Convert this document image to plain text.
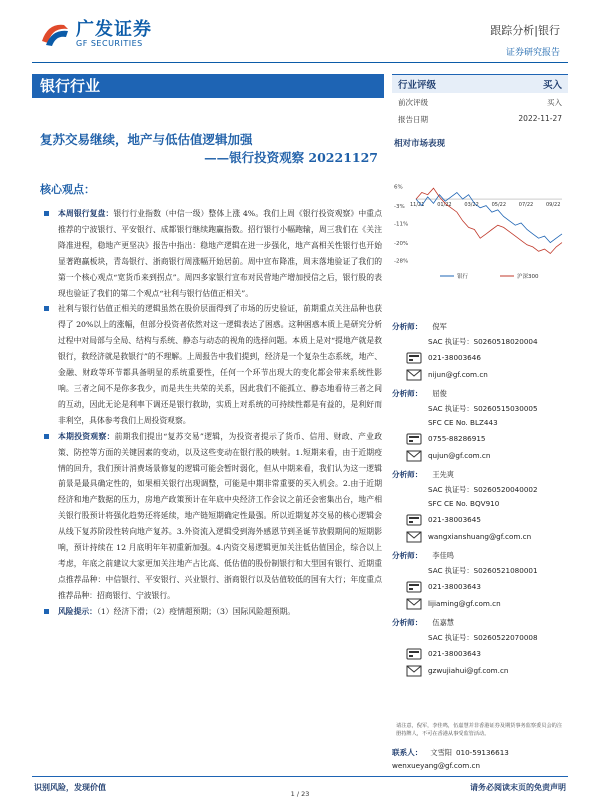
广发证券
GF SECURITIES
跟踪分析|银行
证券研究报告
银行行业
复苏交易继续，地产与低估值逻辑加强
——银行投资观察 20221127
核心观点：
本周银行复盘：银行行业指数（中信一级）整体上涨 4%。我们上周《银行投资观察》中重点推荐的宁波银行、平安银行、成都银行继续跑赢指数。招行银行小幅跑输，周三我们在《关注降准进程，稳地产更坚决》报告中指出：稳地产逻辑在进一步强化，地产高相关性银行也开始显著跑赢板块，青岛银行、浙商银行周涨幅开始居前。周中宣布降准，周末落地验证了我们的第一个核心观点“宽货币来到拐点”。周四多家银行宣布对民营地产增加授信之后，银行股的表现也验证了我们的第二个观点“社利与银行估值正相关”。
社利与银行估值正相关的逻辑虽然在股价层面得到了市场的历史验证，前期重点关注品种也获得了 20%以上的涨幅，但部分投资者依然对这一逻辑表达了困惑。这种困惑本质上是研究分析过程中对局部与全局、结构与系统、静态与动态的视角的选择问题。本质上是对“提地产就是救银行，救经济就是救银行”的不理解。上周报告中我们提到，经济是一个复杂生态系统，地产、金融、财政等环节都具备明显的系统重要性，任何一个环节出现大的变化都会带来系统性影响。三者之间不是你多我少，而是共生共荣的关系，因此我们不能孤立、静态地看待三者之间的互动，因此无论是利率下调还是银行救助，实质上对系统的可持续性都是有益的，是利好而非利空，具体参考我们上周投资观察。
本期投资观察：前期我们提出“复苏交易”逻辑，为投资者提示了货币、信用、财政、产业政策、防控等方面的关键因素的变动，以及这些变动在银行股的映射。1.短期来看，由于近期疫情的回升，我们预计消费场景修复的逻辑可能会暂时弱化，但从中期来看，我们认为这一逻辑前景是最具确定性的，如果相关银行出现调整，可能是中期非常重要的买入机会。2.由于近期经济和地产数据的压力，房地产政策预计在年底中央经济工作会议之前还会密集出台，地产相关银行股预计将强化趋势还将延续，地产链短期确定性最强。所以近期复苏交易的核心逻辑会从线下复苏阶段性转向地产复苏。3.外资流入逻辑受到海外感恩节到圣诞节放假期间的短期影响，预计持续在 12 月底明年年初重新加强。4.内资交易逻辑更加关注低估值国企，综合以上考虑，年底之前建议大家更加关注地产占比高、低估值的股份制银行和大型国有银行、近期重点推荐品种：中信银行、平安银行、兴业银行、浙商银行以及估值较低的国有大行；年度重点推荐品种：招商银行、宁波银行。
风险提示：（1）经济下滑；（2）疫情超预期；（3）国际风险超预期。
行业评级	买入
前次评级	买入
报告日期	2022-11-27
相对市场表现
6%
-3%
-11%
-20%
-28%
11/21	01/22	03/22	05/22	07/22	09/22
银行	沪深300
分析师：	倪军
SAC 执证号：S0260518020004
021-38003646
nijun@gf.com.cn
分析师：	屈俊
SAC 执证号：S0260515030005
SFC CE No. BLZ443
0755-88286915
qujun@gf.com.cn
分析师：	王先爽
SAC 执证号：S0260520040002
SFC CE No. BQV910
021-38003645
wangxianshuang@gf.com.cn
分析师：	李佳鸣
SAC 执证号：S0260521080001
021-38003643
lijiaming@gf.com.cn
分析师：	伍嘉慧
SAC 执证号：S0260522070008
021-38003643
gzwujiahui@gf.com.cn
请注意，倪军，李佳鸣，伍嘉慧并非香港证券及期货事务监察委员会的注册持牌人，不可在香港从事受监管活动。
联系人：	文雪阳 010-59136613
wenxueyang@gf.com.cn
识别风险，发现价值	请务必阅读末页的免责声明
1 / 23
